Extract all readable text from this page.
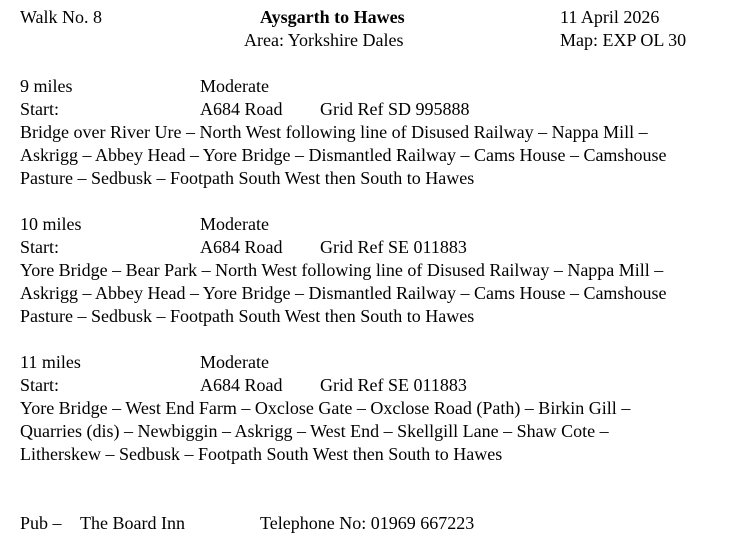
Walk No. 8	Aysgarth to Hawes	11 April 2026
Area: Yorkshire Dales	Map: EXP OL 30
9 miles	Moderate
Start:	A684 Road Grid Ref SD 995888
Bridge over River Ure – North West following line of Disused Railway – Nappa Mill –
Askrigg – Abbey Head – Yore Bridge – Dismantled Railway – Cams House – Camshouse
Pasture – Sedbusk – Footpath South West then South to Hawes
10 miles	Moderate
Start:	A684 Road Grid Ref SE 011883
Yore Bridge – Bear Park – North West following line of Disused Railway – Nappa Mill –
Askrigg – Abbey Head – Yore Bridge – Dismantled Railway – Cams House – Camshouse
Pasture – Sedbusk – Footpath South West then South to Hawes
11 miles	Moderate
Start:	A684 Road Grid Ref SE 011883
Yore Bridge – West End Farm – Oxclose Gate – Oxclose Road (Path) – Birkin Gill –
Quarries (dis) – Newbiggin – Askrigg – West End – Skellgill Lane – Shaw Cote –
Litherskew – Sedbusk – Footpath South West then South to Hawes
Pub – The Board Inn	Telephone No: 01969 667223
